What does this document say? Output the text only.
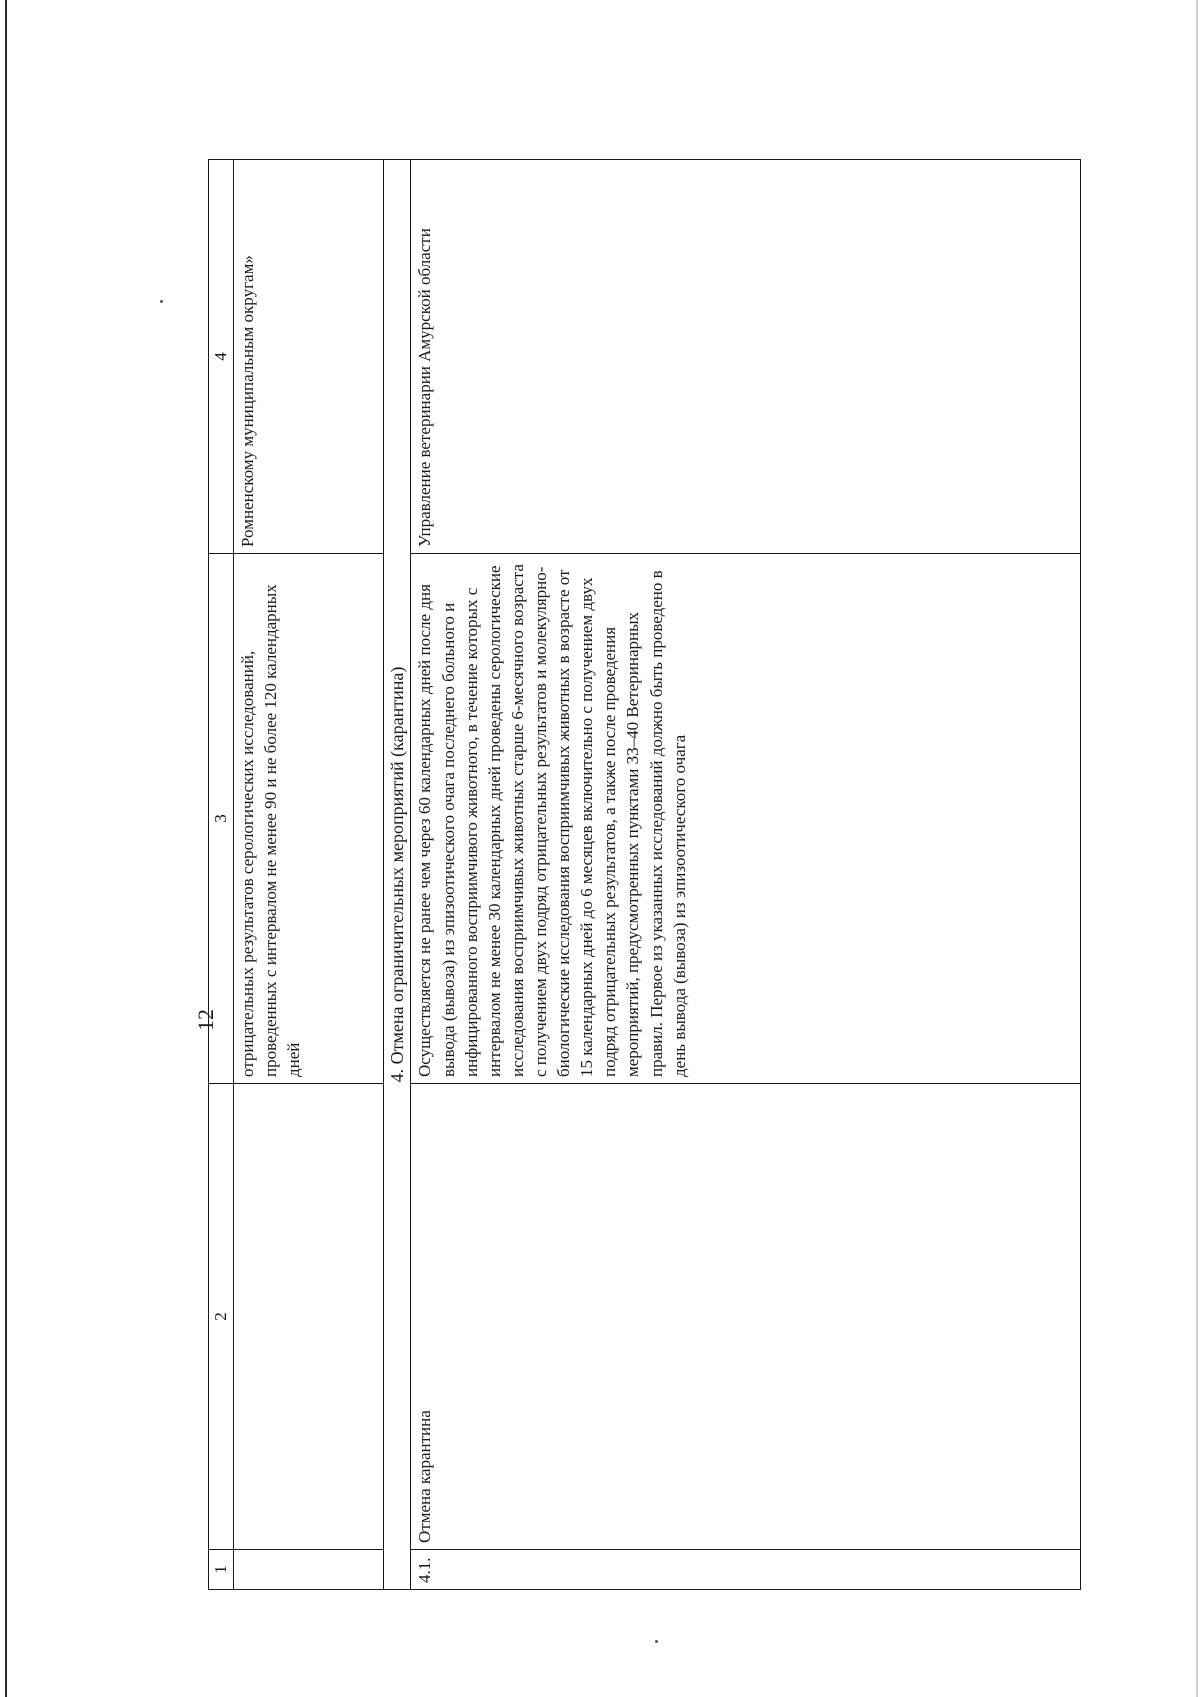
12
1	2	3	4

		отрицательных результатов серологических исследований, проведенных с интервалом не менее 90 и не более 120 календарных дней	Ромненскому муниципальным округам»

4. Отмена ограничительных мероприятий (карантина)			
4.1.	Отмена карантина	Осуществляется не ранее чем через 60 календарных дней после дня вывода (вывоза) из эпизоотического очага последнего больного и инфицированного восприимчивого животного, в течение которых с интервалом не менее 30 календарных дней проведены серологические исследования восприимчивых животных старше 6-месячного возраста с получением двух подряд отрицательных результатов и молекулярно-биологические исследования восприимчивых животных в возрасте от 15 календарных дней до 6 месяцев включительно с получением двух подряд отрицательных результатов, а также после проведения мероприятий, предусмотренных пунктами 33–40 Ветеринарных правил. Первое из указанных исследований должно быть проведено в день вывода (вывоза) из эпизоотического очага	Управление ветеринарии Амурской области
